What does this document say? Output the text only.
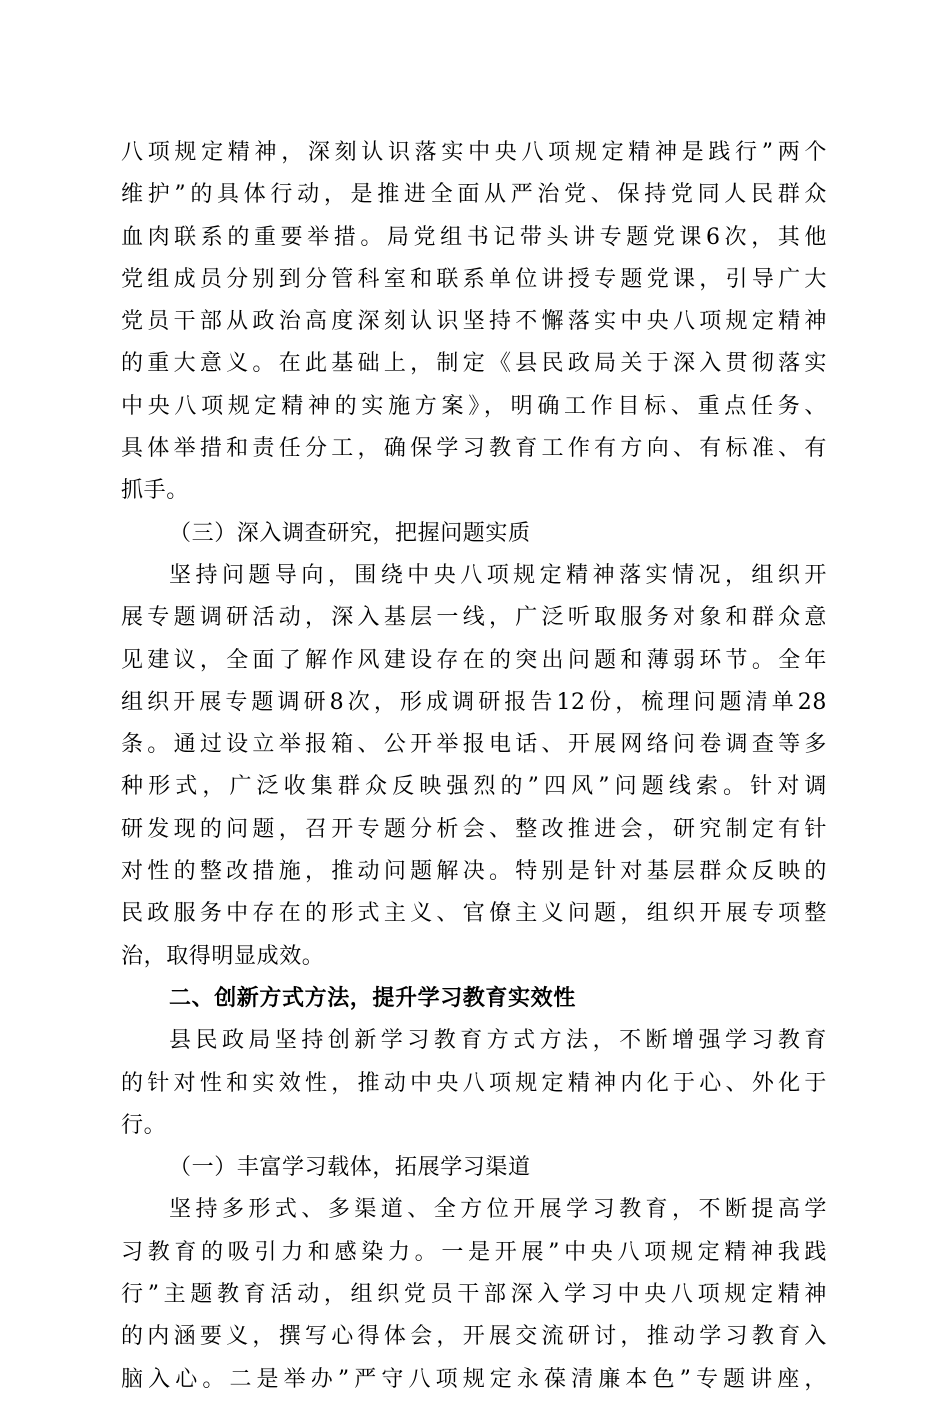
八项规定精神，深刻认识落实中央八项规定精神是践行”两个
维护”的具体行动，是推进全面从严治党、保持党同人民群众
血肉联系的重要举措。局党组书记带头讲专题党课6次，其他
党组成员分别到分管科室和联系单位讲授专题党课，引导广大
党员干部从政治高度深刻认识坚持不懈落实中央八项规定精神
的重大意义。在此基础上，制定《县民政局关于深入贯彻落实
中央八项规定精神的实施方案》，明确工作目标、重点任务、
具体举措和责任分工，确保学习教育工作有方向、有标准、有
抓手。
（三）深入调查研究，把握问题实质
坚持问题导向，围绕中央八项规定精神落实情况，组织开
展专题调研活动，深入基层一线，广泛听取服务对象和群众意
见建议，全面了解作风建设存在的突出问题和薄弱环节。全年
组织开展专题调研8次，形成调研报告12份，梳理问题清单28
条。通过设立举报箱、公开举报电话、开展网络问卷调查等多
种形式，广泛收集群众反映强烈的”四风”问题线索。针对调
研发现的问题，召开专题分析会、整改推进会，研究制定有针
对性的整改措施，推动问题解决。特别是针对基层群众反映的
民政服务中存在的形式主义、官僚主义问题，组织开展专项整
治，取得明显成效。
二、创新方式方法，提升学习教育实效性
县民政局坚持创新学习教育方式方法，不断增强学习教育
的针对性和实效性，推动中央八项规定精神内化于心、外化于
行。
（一）丰富学习载体，拓展学习渠道
坚持多形式、多渠道、全方位开展学习教育，不断提高学
习教育的吸引力和感染力。一是开展”中央八项规定精神我践
行”主题教育活动，组织党员干部深入学习中央八项规定精神
的内涵要义，撰写心得体会，开展交流研讨，推动学习教育入
脑入心。二是举办”严守八项规定永葆清廉本色”专题讲座，
